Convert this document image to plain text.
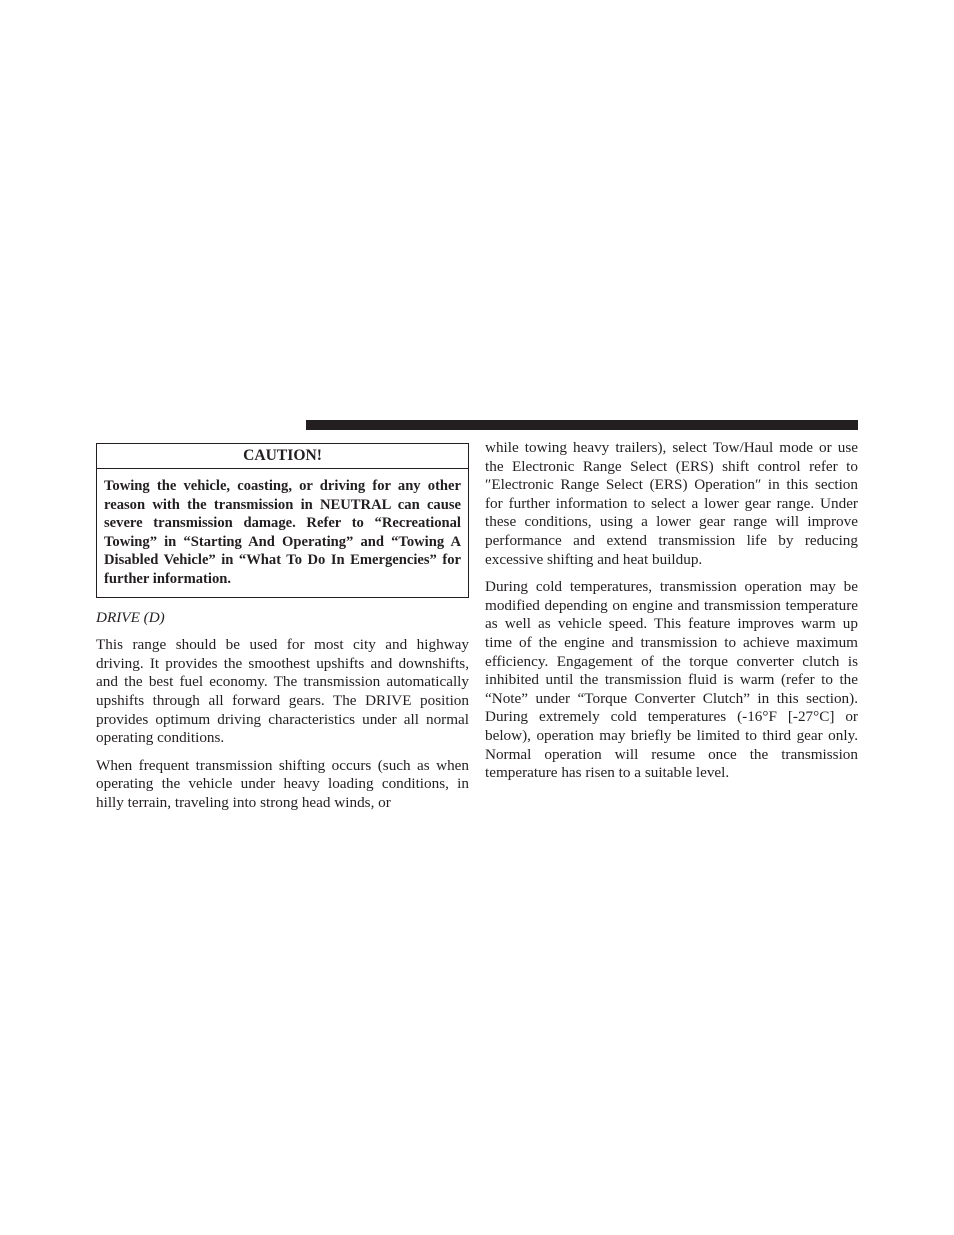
CAUTION!

Towing the vehicle, coasting, or driving for any other reason with the transmission in NEUTRAL can cause severe transmission damage. Refer to “Recreational Towing” in “Starting And Operating” and “Towing A Disabled Vehicle” in “What To Do In Emergencies” for further information.

DRIVE (D)

This range should be used for most city and highway driving. It provides the smoothest upshifts and downshifts, and the best fuel economy. The transmission automatically upshifts through all forward gears. The DRIVE position provides optimum driving characteristics under all normal operating conditions.

When frequent transmission shifting occurs (such as when operating the vehicle under heavy loading conditions, in hilly terrain, traveling into strong head winds, or

while towing heavy trailers), select Tow/Haul mode or use the Electronic Range Select (ERS) shift control refer to ″Electronic Range Select (ERS) Operation″ in this section for further information to select a lower gear range. Under these conditions, using a lower gear range will improve performance and extend transmission life by reducing excessive shifting and heat buildup.

During cold temperatures, transmission operation may be modified depending on engine and transmission temperature as well as vehicle speed. This feature improves warm up time of the engine and transmission to achieve maximum efficiency. Engagement of the torque converter clutch is inhibited until the transmission fluid is warm (refer to the “Note” under “Torque Converter Clutch” in this section). During extremely cold temperatures (-16°F [-27°C] or below), operation may briefly be limited to third gear only. Normal operation will resume once the transmission temperature has risen to a suitable level.
